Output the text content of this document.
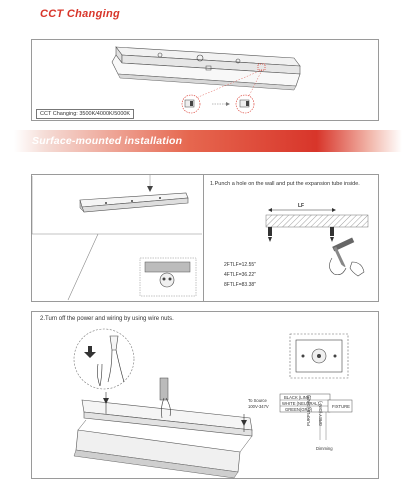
CCT Changing
CCT Changing: 3500K/4000K/5000K
Surface-mounted installation
1.Punch a hole on the wall and put the expansion tube inside.
LF
2FTLF=12.55"
4FTLF=36.22"
8FTLF=83.38"
2.Turn off the power and wiring by using wire nuts.
To Source
100V-347V
BLACK (LINE)
WHITE (NEUTRAL)
GREEN(GRD)
FIXTURE
PURPLE (DIM+) GREY (DIM-)
Dimming
